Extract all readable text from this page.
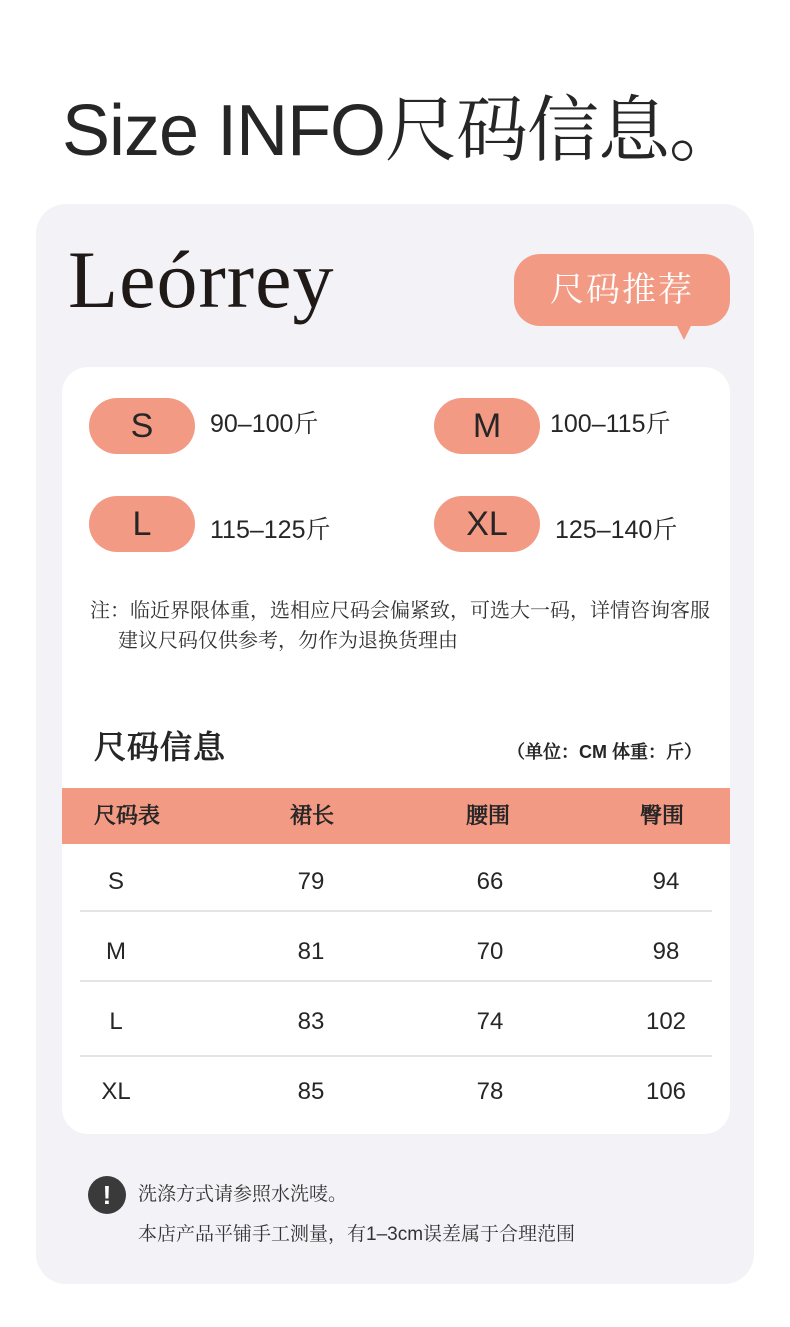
Size INFO尺码信息。
Leórrey	尺码推荐
S	90–100斤	M	100–115斤
L	115–125斤	XL	125–140斤
注：临近界限体重，选相应尺码会偏紧致，可选大一码，详情咨询客服
建议尺码仅供参考，勿作为退换货理由
尺码信息	（单位：CM 体重：斤）
尺码表	裙长	腰围	臀围
S	79	66	94
M	81	70	98
L	83	74	102
XL	85	78	106
!	洗涤方式请参照水洗唛。
本店产品平铺手工测量，有1–3cm误差属于合理范围
